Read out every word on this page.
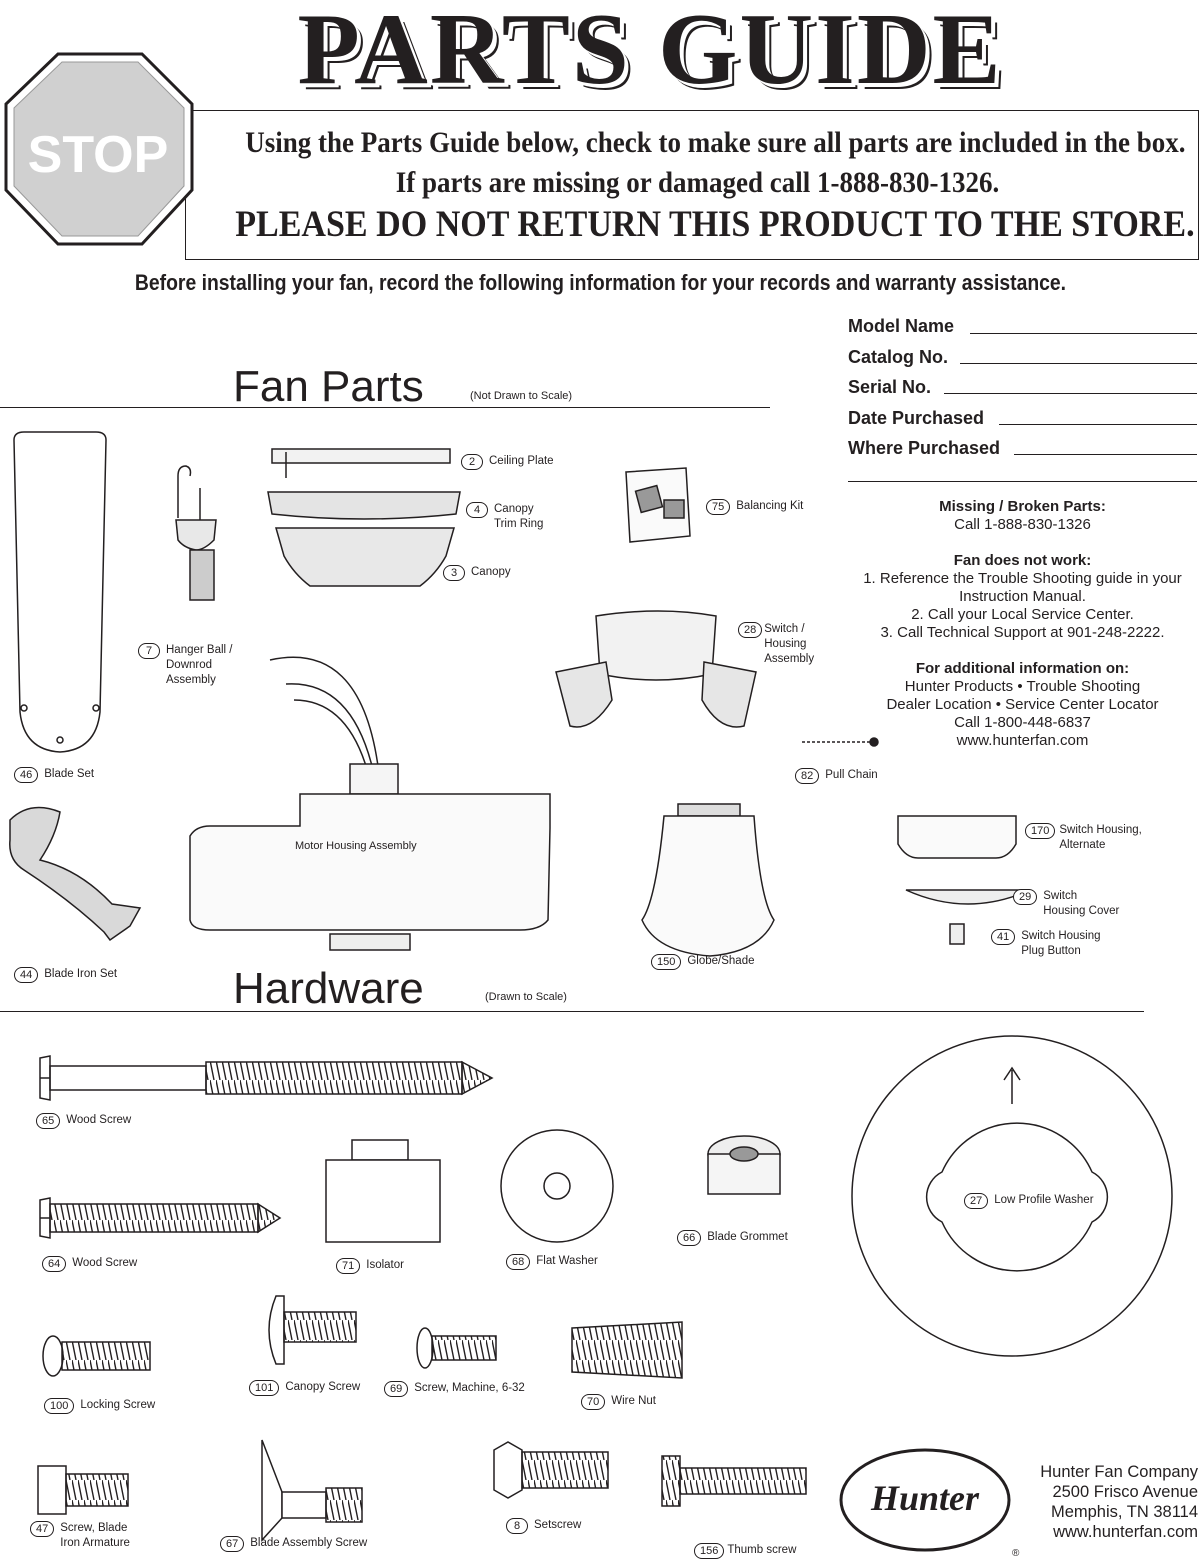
PARTS GUIDE
Using the Parts Guide below, check to make sure all parts are included in the box.
If parts are missing or damaged call 1-888-830-1326.
PLEASE DO NOT RETURN THIS PRODUCT TO THE STORE.
STOP
Before installing your fan, record the following information for your records and warranty assistance.
Model Name
Catalog No.
Serial No.
Date Purchased
Where Purchased
Missing / Broken Parts:
Call 1-888-830-1326
Fan does not work:
1. Reference the Trouble Shooting guide in your Instruction Manual.
2. Call your Local Service Center.
3. Call Technical Support at 901-248-2222.
For additional information on:
Hunter Products • Trouble Shooting
Dealer Location • Service Center Locator
Call 1-800-448-6837
www.hunterfan.com
Fan Parts	(Not Drawn to Scale)
Motor Housing Assembly
2	Ceiling Plate
4	Canopy
Trim Ring
3	Canopy
75	Balancing Kit
7	Hanger Ball /
Downrod
Assembly
28 Switch /
Housing
Assembly
46	Blade Set	82	Pull Chain
170 Switch Housing,
Alternate
29	Switch
Housing Cover
41	Switch Housing
Plug Button
44	Blade Iron Set
150	Globe/Shade
Hardware	(Drawn to Scale)
Hunter
®
65	Wood Screw
64	Wood Screw	71	Isolator	68	Flat Washer
66	Blade Grommet
27	Low Profile Washer
100	Locking Screw
101	Canopy Screw	69	Screw, Machine, 6-32
70	Wire Nut
47	Screw, Blade
Iron Armature	67	Blade Assembly Screw
8	Setscrew
156 Thumb screw
Hunter Fan Company
2500 Frisco Avenue
Memphis, TN 38114
www.hunterfan.com
